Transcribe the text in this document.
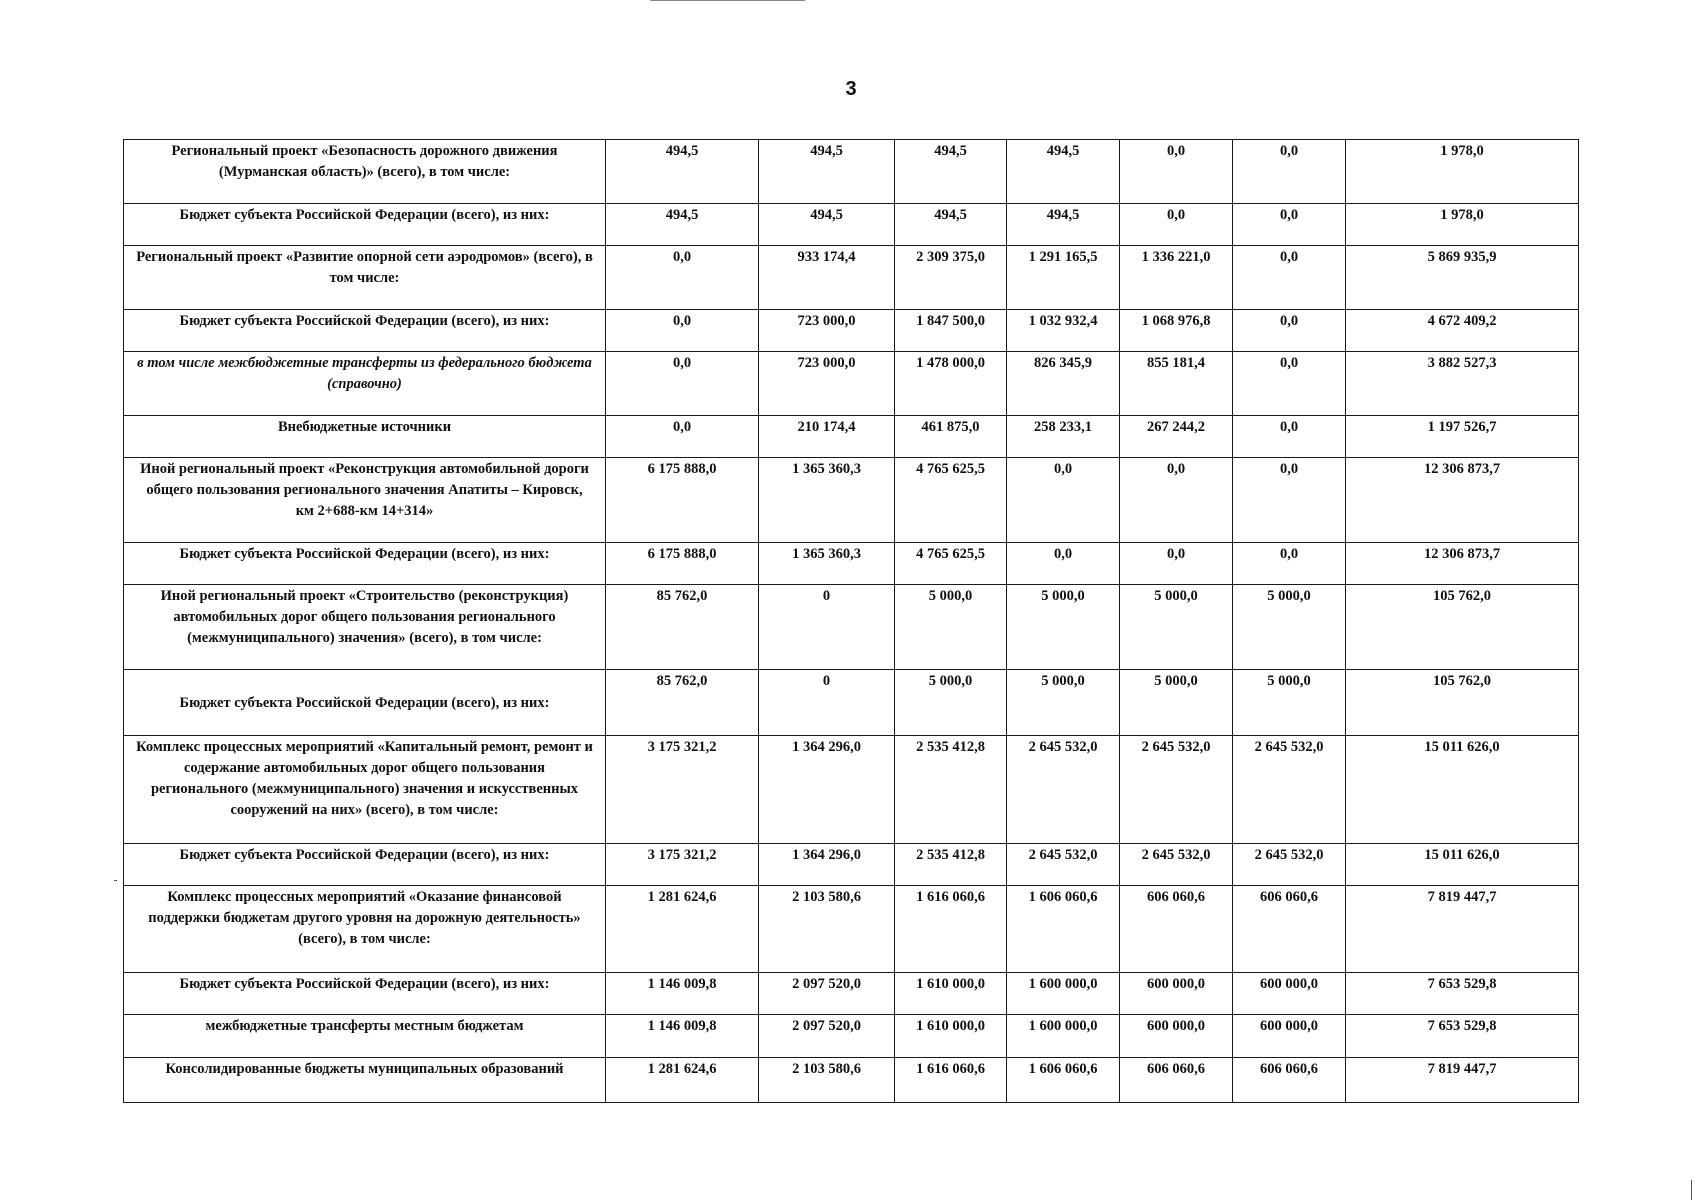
3
Региональный проект «Безопасность дорожного движения (Мурманская область)» (всего), в том числе:	494,5	494,5	494,5	494,5	0,0	0,0	1 978,0
Бюджет субъекта Российской Федерации (всего), из них:	494,5	494,5	494,5	494,5	0,0	0,0	1 978,0
Региональный проект «Развитие опорной сети аэродромов» (всего), в том числе:	0,0	933 174,4	2 309 375,0	1 291 165,5	1 336 221,0	0,0	5 869 935,9
Бюджет субъекта Российской Федерации (всего), из них:	0,0	723 000,0	1 847 500,0	1 032 932,4	1 068 976,8	0,0	4 672 409,2
в том числе межбюджетные трансферты из федерального бюджета (справочно)	0,0	723 000,0	1 478 000,0	826 345,9	855 181,4	0,0	3 882 527,3
Внебюджетные источники	0,0	210 174,4	461 875,0	258 233,1	267 244,2	0,0	1 197 526,7
Иной региональный проект «Реконструкция автомобильной дороги общего пользования регионального значения Апатиты – Кировск, км 2+688-км 14+314»	6 175 888,0	1 365 360,3	4 765 625,5	0,0	0,0	0,0	12 306 873,7
Бюджет субъекта Российской Федерации (всего), из них:	6 175 888,0	1 365 360,3	4 765 625,5	0,0	0,0	0,0	12 306 873,7
Иной региональный проект «Строительство (реконструкция) автомобильных дорог общего пользования регионального (межмуниципального) значения» (всего), в том числе:	85 762,0	0	5 000,0	5 000,0	5 000,0	5 000,0	105 762,0
Бюджет субъекта Российской Федерации (всего), из них:	85 762,0	0	5 000,0	5 000,0	5 000,0	5 000,0	105 762,0
Комплекс процессных мероприятий «Капитальный ремонт, ремонт и содержание автомобильных дорог общего пользования регионального (межмуниципального) значения и искусственных сооружений на них» (всего), в том числе:	3 175 321,2	1 364 296,0	2 535 412,8	2 645 532,0	2 645 532,0	2 645 532,0	15 011 626,0
Бюджет субъекта Российской Федерации (всего), из них:	3 175 321,2	1 364 296,0	2 535 412,8	2 645 532,0	2 645 532,0	2 645 532,0	15 011 626,0
Комплекс процессных мероприятий «Оказание финансовой поддержки бюджетам другого уровня на дорожную деятельность» (всего), в том числе:	1 281 624,6	2 103 580,6	1 616 060,6	1 606 060,6	606 060,6	606 060,6	7 819 447,7
Бюджет субъекта Российской Федерации (всего), из них:	1 146 009,8	2 097 520,0	1 610 000,0	1 600 000,0	600 000,0	600 000,0	7 653 529,8
межбюджетные трансферты местным бюджетам	1 146 009,8	2 097 520,0	1 610 000,0	1 600 000,0	600 000,0	600 000,0	7 653 529,8
Консолидированные бюджеты муниципальных образований	1 281 624,6	2 103 580,6	1 616 060,6	1 606 060,6	606 060,6	606 060,6	7 819 447,7
